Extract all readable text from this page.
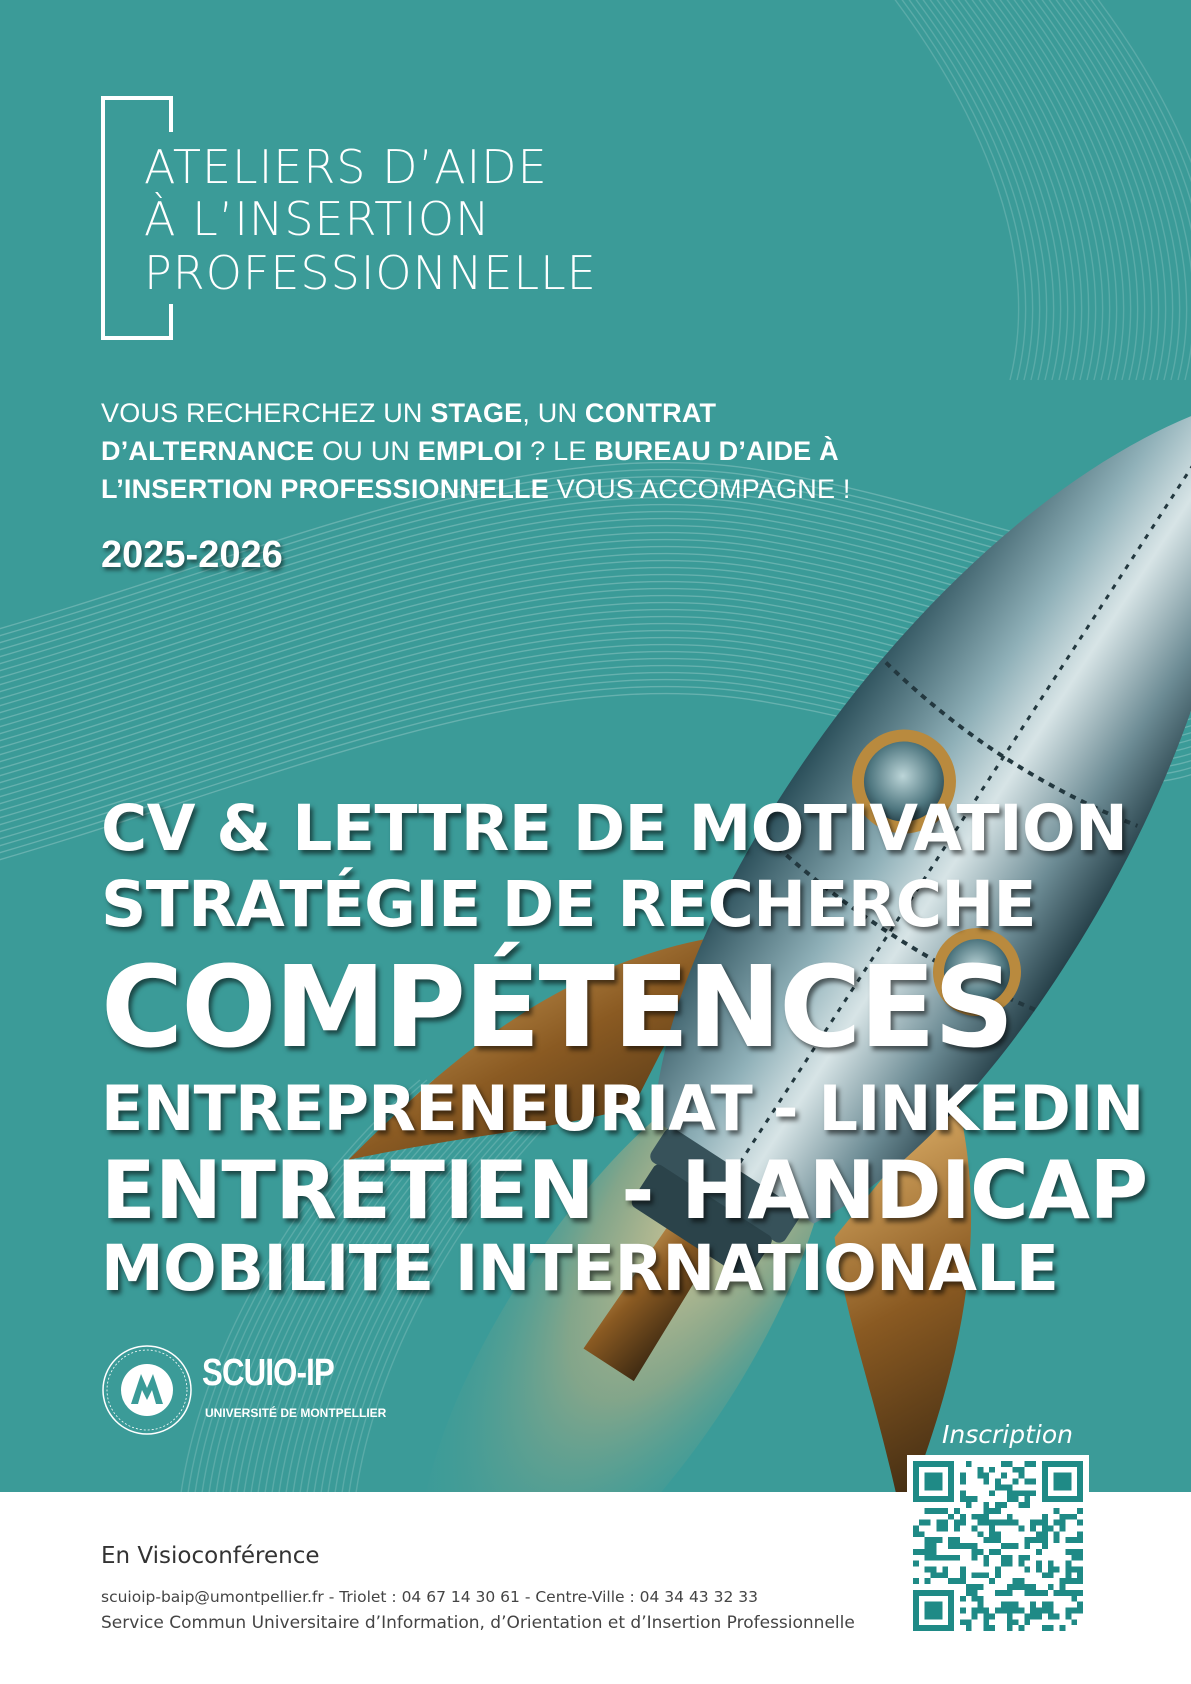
ATELIERS D’AIDE
À L’INSERTION
PROFESSIONNELLE
VOUS RECHERCHEZ UN STAGE, UN CONTRAT D’ALTERNANCE OU UN EMPLOI ? LE BUREAU D’AIDE À L’INSERTION PROFESSIONNELLE VOUS ACCOMPAGNE !
2025-2026
CV & LETTRE DE MOTIVATION
STRATÉGIE DE RECHERCHE
COMPÉTENCES
ENTREPRENEURIAT - LINKEDIN
ENTRETIEN - HANDICAP
MOBILITE INTERNATIONALE
SCUIO-IP
UNIVERSITÉ DE MONTPELLIER
Inscription
En Visioconférence
scuioip-baip@umontpellier.fr - Triolet : 04 67 14 30 61 - Centre-Ville : 04 34 43 32 33
Service Commun Universitaire d’Information, d’Orientation et d’Insertion Professionnelle
